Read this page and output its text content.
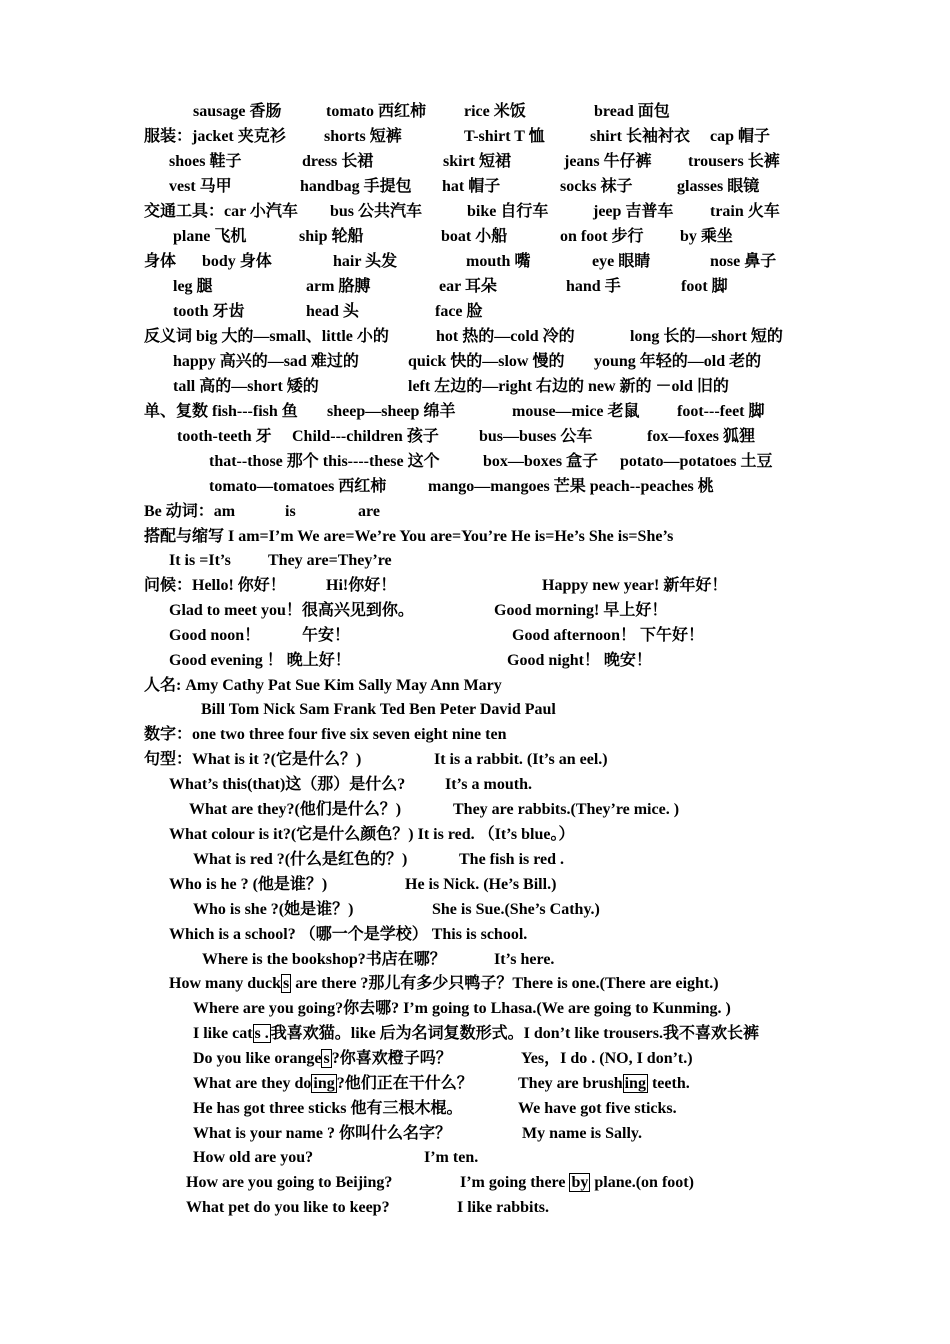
sausage 香肠	tomato 西红柿 rice 米饭	bread 面包
服装：jacket 夹克衫 shorts 短裤	T-shirt T 恤	shirt 长袖衬衣 cap 帽子
shoes 鞋子	dress 长裙	skirt 短裙	jeans 牛仔裤 trousers 长裤
vest 马甲	handbag 手提包 hat 帽子	socks 袜子	glasses 眼镜
交通工具：car 小汽车 bus 公共汽车	bike 自行车	jeep 吉普车 train 火车
plane 飞机	ship 轮船	boat 小船	on foot 步行 by 乘坐
身体 body 身体	hair 头发	mouth 嘴	eye 眼睛	nose 鼻子
leg 腿	arm 胳膊	ear 耳朵	hand 手	foot 脚
tooth 牙齿	head 头	face 脸
反义词 big 大的—small、little 小的	hot 热的—cold 冷的	long 长的—short 短的
happy 高兴的—sad 难过的	quick 快的—slow 慢的 young 年轻的—old 老的
tall 高的—short 矮的	left 左边的—right 右边的 new 新的 －old 旧的
单、复数 fish---fish 鱼 sheep—sheep 绵羊	mouse—mice 老鼠 foot---feet 脚
tooth-teeth 牙 Child---children 孩子	bus—buses 公车	fox—foxes 狐狸
that--those 那个 this----these 这个	box—boxes 盒子 potato—potatoes 土豆
tomato—tomatoes 西红柿	mango—mangoes 芒果 peach--peaches 桃
Be 动词：am	is	are
搭配与缩写 I am=I’m We are=We’re You are=You’re He is=He’s She is=She’s
It is =It’s They are=They’re
问候：Hello! 你好！	Hi!你好！	Happy new year! 新年好！
Glad to meet you！很高兴见到你。	Good morning! 早上好！
Good noon！	午安！	Good afternoon！ 下午好！
Good evening ！ 晚上好！	Good night！ 晚安！
人名: Amy Cathy Pat Sue Kim Sally May Ann Mary
Bill Tom Nick Sam Frank Ted Ben Peter David Paul
数字：one two three four five six seven eight nine ten
句型：What is it ?(它是什么？)	It is a rabbit. (It’s an eel.)
What’s this(that)这（那）是什么? It’s a mouth.
What are they?(他们是什么？)	They are rabbits.(They’re mice. )
What colour is it?(它是什么颜色？) It is red. （It’s blue。）
What is red ?(什么是红色的？)	The fish is red .
Who is he ? (他是谁？)	He is Nick. (He’s Bill.)
Who is she ?(她是谁？)	She is Sue.(She’s Cathy.)
Which is a school? （哪一个是学校） This is school.
Where is the bookshop?书店在哪？	It’s here.
How many duck s are there ?那儿有多少只鸭子？There is one.(There are eight.)
Where are you going?你去哪? I’m going to Lhasa.(We are going to Kunming. )
I like cat s . 我喜欢猫。like 后为名词复数形式。I don’t like trousers.我不喜欢长裤
Do you like orange s ?你喜欢橙子吗？	Yes，I do . (NO, I don’t.)
What are they do ing ?他们正在干什么？	They are brush ing teeth.
He has got three sticks 他有三根木棍。	We have got five sticks.
What is your name ? 你叫什么名字？	My name is Sally.
How old are you?	I’m ten.
How are you going to Beijing?	I’m going there by plane.(on foot)
What pet do you like to keep?	I like rabbits.
